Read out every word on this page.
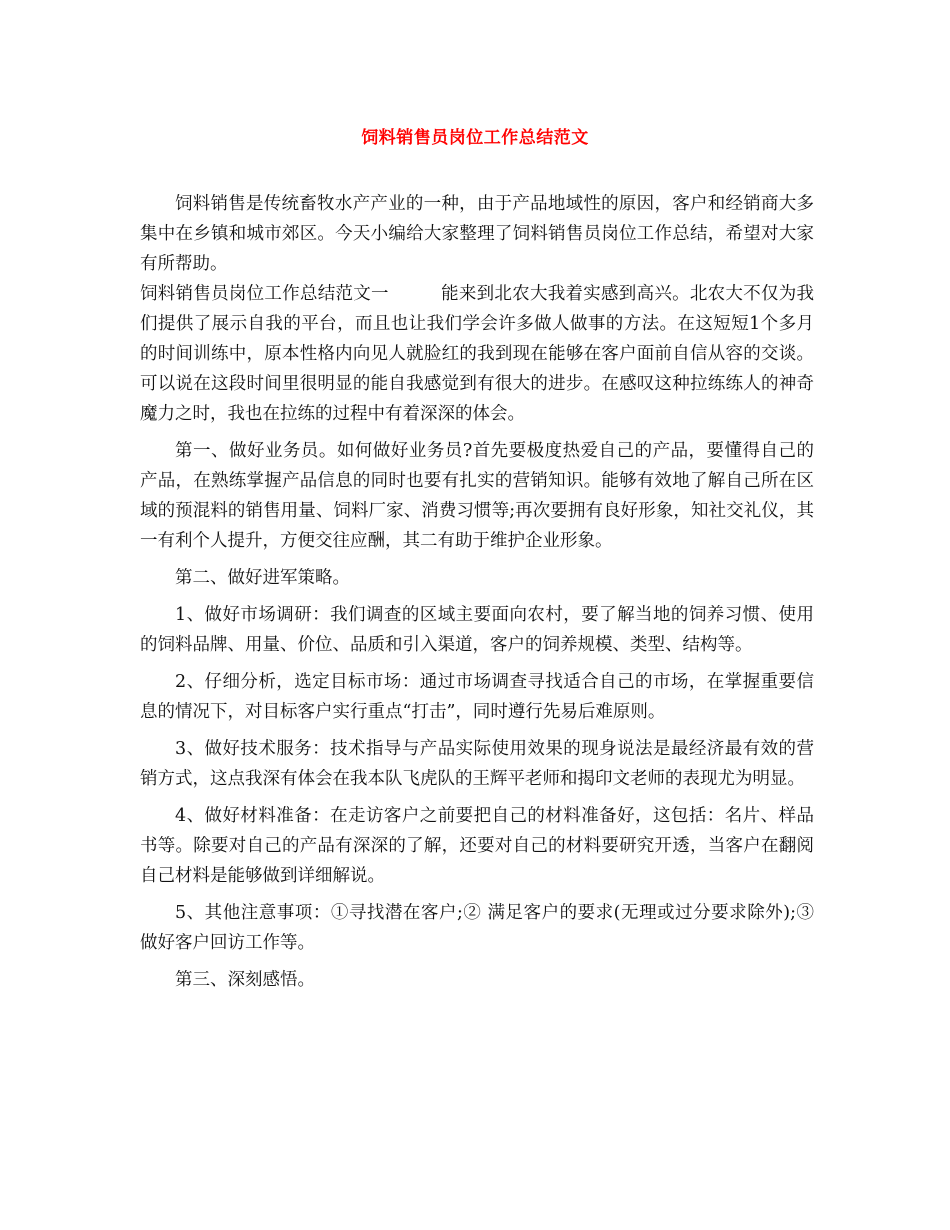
饲料销售员岗位工作总结范文

饲料销售是传统畜牧水产产业的一种，由于产品地域性的原因，客户和经销商大多集中在乡镇和城市郊区。今天小编给大家整理了饲料销售员岗位工作总结，希望对大家有所帮助。

饲料销售员岗位工作总结范文一	能来到北农大我着实感到高兴。北农大不仅为我们提供了展示自我的平台，而且也让我们学会许多做人做事的方法。在这短短1个多月的时间训练中，原本性格内向见人就脸红的我到现在能够在客户面前自信从容的交谈。可以说在这段时间里很明显的能自我感觉到有很大的进步。在感叹这种拉练练人的神奇魔力之时，我也在拉练的过程中有着深深的体会。

第一、做好业务员。如何做好业务员?首先要极度热爱自己的产品，要懂得自己的产品，在熟练掌握产品信息的同时也要有扎实的营销知识。能够有效地了解自己所在区域的预混料的销售用量、饲料厂家、消费习惯等;再次要拥有良好形象，知社交礼仪，其一有利个人提升，方便交往应酬，其二有助于维护企业形象。

第二、做好进军策略。

1、做好市场调研：我们调查的区域主要面向农村，要了解当地的饲养习惯、使用的饲料品牌、用量、价位、品质和引入渠道，客户的饲养规模、类型、结构等。

2、仔细分析，选定目标市场：通过市场调查寻找适合自己的市场，在掌握重要信息的情况下，对目标客户实行重点“打击”，同时遵行先易后难原则。

3、做好技术服务：技术指导与产品实际使用效果的现身说法是最经济最有效的营销方式，这点我深有体会在我本队飞虎队的王辉平老师和揭印文老师的表现尤为明显。

4、做好材料准备：在走访客户之前要把自己的材料准备好，这包括：名片、样品书等。除要对自己的产品有深深的了解，还要对自己的材料要研究开透，当客户在翻阅自己材料是能够做到详细解说。

5、其他注意事项：①寻找潜在客户;② 满足客户的要求(无理或过分要求除外);③ 做好客户回访工作等。

第三、深刻感悟。
